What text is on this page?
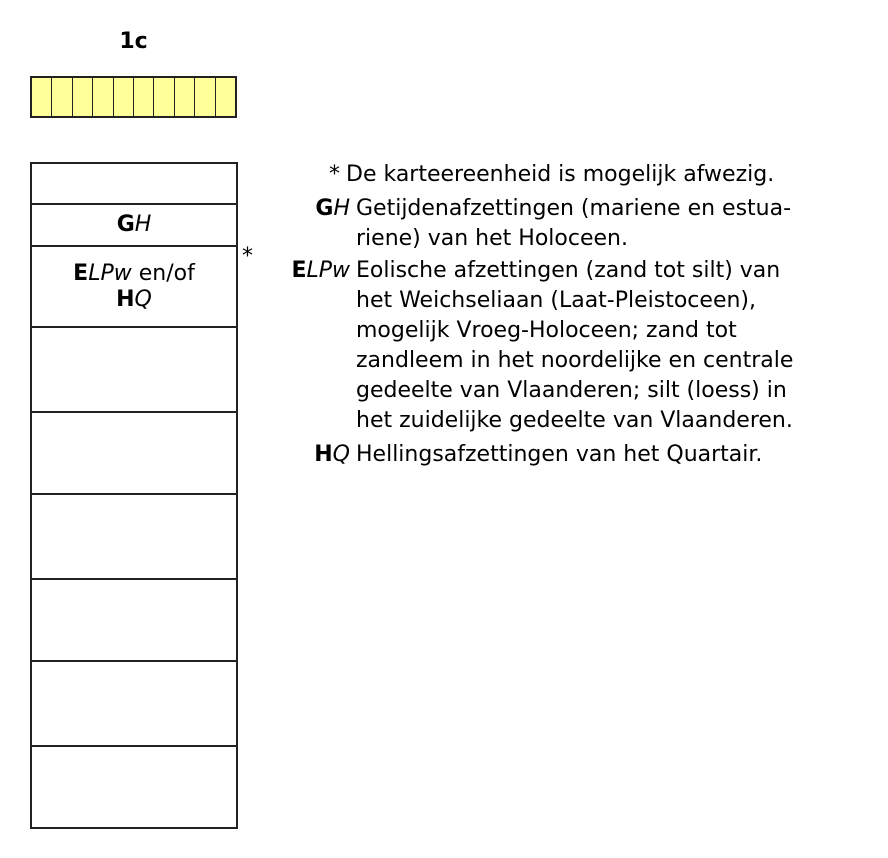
1c
GH
ELPw en/of
HQ
*
* De karteereenheid is mogelijk afwezig.
GH Getijdenafzettingen (mariene en estua-
riene) van het Holoceen.
ELPw Eolische afzettingen (zand tot silt) van
het Weichseliaan (Laat-Pleistoceen),
mogelijk Vroeg-Holoceen; zand tot
zandleem in het noordelijke en centrale
gedeelte van Vlaanderen; silt (loess) in
het zuidelijke gedeelte van Vlaanderen.
HQ Hellingsafzettingen van het Quartair.
